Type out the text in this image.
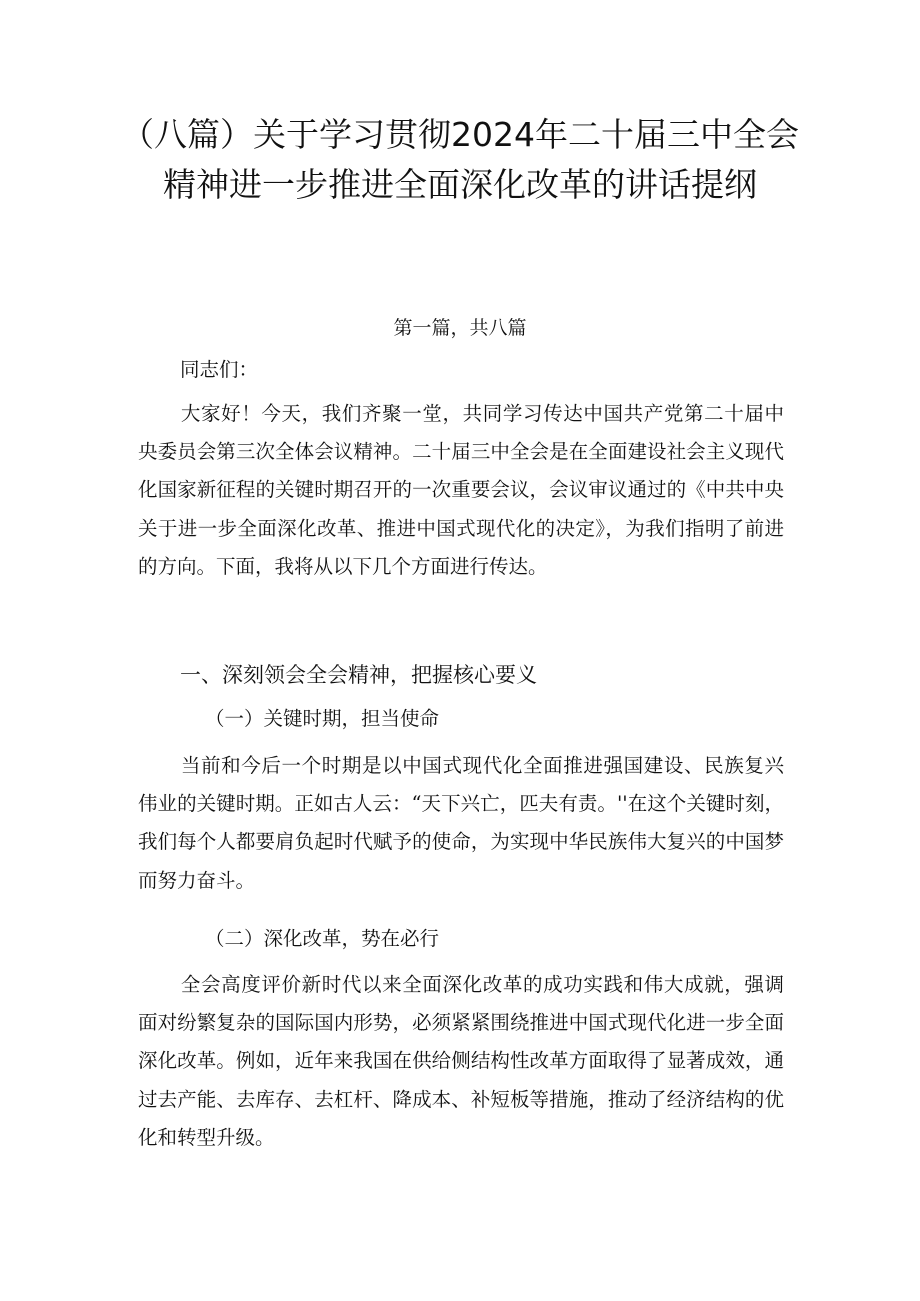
（八篇）关于学习贯彻2024年二十届三中全会精神进一步推进全面深化改革的讲话提纲
第一篇，共八篇

同志们：

大家好！今天，我们齐聚一堂，共同学习传达中国共产党第二十届中央委员会第三次全体会议精神。二十届三中全会是在全面建设社会主义现代化国家新征程的关键时期召开的一次重要会议，会议审议通过的《中共中央关于进一步全面深化改革、推进中国式现代化的决定》，为我们指明了前进的方向。下面，我将从以下几个方面进行传达。

一、深刻领会全会精神，把握核心要义
（一）关键时期，担当使命

当前和今后一个时期是以中国式现代化全面推进强国建设、民族复兴伟业的关键时期。正如古人云：“天下兴亡，匹夫有责。''在这个关键时刻，我们每个人都要肩负起时代赋予的使命，为实现中华民族伟大复兴的中国梦而努力奋斗。

（二）深化改革，势在必行

全会高度评价新时代以来全面深化改革的成功实践和伟大成就，强调面对纷繁复杂的国际国内形势，必须紧紧围绕推进中国式现代化进一步全面深化改革。例如，近年来我国在供给侧结构性改革方面取得了显著成效，通过去产能、去库存、去杠杆、降成本、补短板等措施，推动了经济结构的优化和转型升级。
